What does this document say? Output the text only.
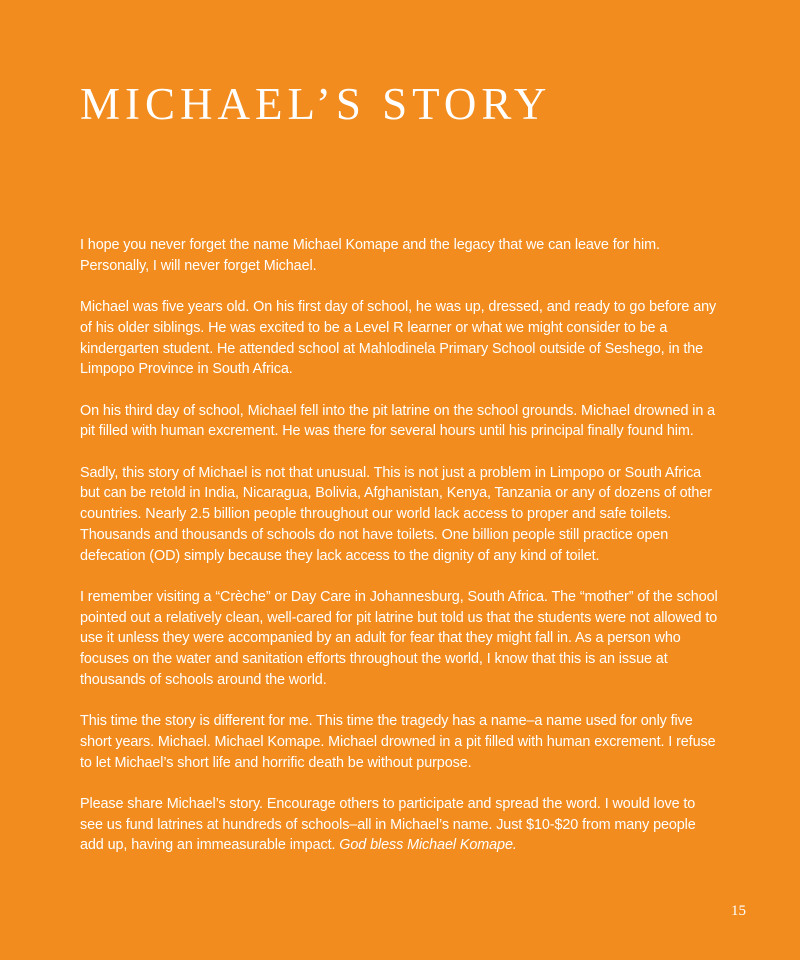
MICHAEL’S STORY

I hope you never forget the name Michael Komape and the legacy that we can leave for him. Personally, I will never forget Michael.

Michael was five years old. On his first day of school, he was up, dressed, and ready to go before any of his older siblings. He was excited to be a Level R learner or what we might consider to be a kindergarten student. He attended school at Mahlodinela Primary School outside of Seshego, in the Limpopo Province in South Africa.

On his third day of school, Michael fell into the pit latrine on the school grounds. Michael drowned in a pit filled with human excrement. He was there for several hours until his principal finally found him.

Sadly, this story of Michael is not that unusual. This is not just a problem in Limpopo or South Africa but can be retold in India, Nicaragua, Bolivia, Afghanistan, Kenya, Tanzania or any of dozens of other countries. Nearly 2.5 billion people throughout our world lack access to proper and safe toilets. Thousands and thousands of schools do not have toilets. One billion people still practice open defecation (OD) simply because they lack access to the dignity of any kind of toilet.

I remember visiting a “Crèche” or Day Care in Johannesburg, South Africa. The “mother” of the school pointed out a relatively clean, well-cared for pit latrine but told us that the students were not allowed to use it unless they were accompanied by an adult for fear that they might fall in. As a person who focuses on the water and sanitation efforts throughout the world, I know that this is an issue at thousands of schools around the world.

This time the story is different for me. This time the tragedy has a name–a name used for only five short years. Michael. Michael Komape. Michael drowned in a pit filled with human excrement. I refuse to let Michael’s short life and horrific death be without purpose.

Please share Michael’s story. Encourage others to participate and spread the word. I would love to see us fund latrines at hundreds of schools–all in Michael’s name. Just $10-$20 from many people add up, having an immeasurable impact. God bless Michael Komape.

15
